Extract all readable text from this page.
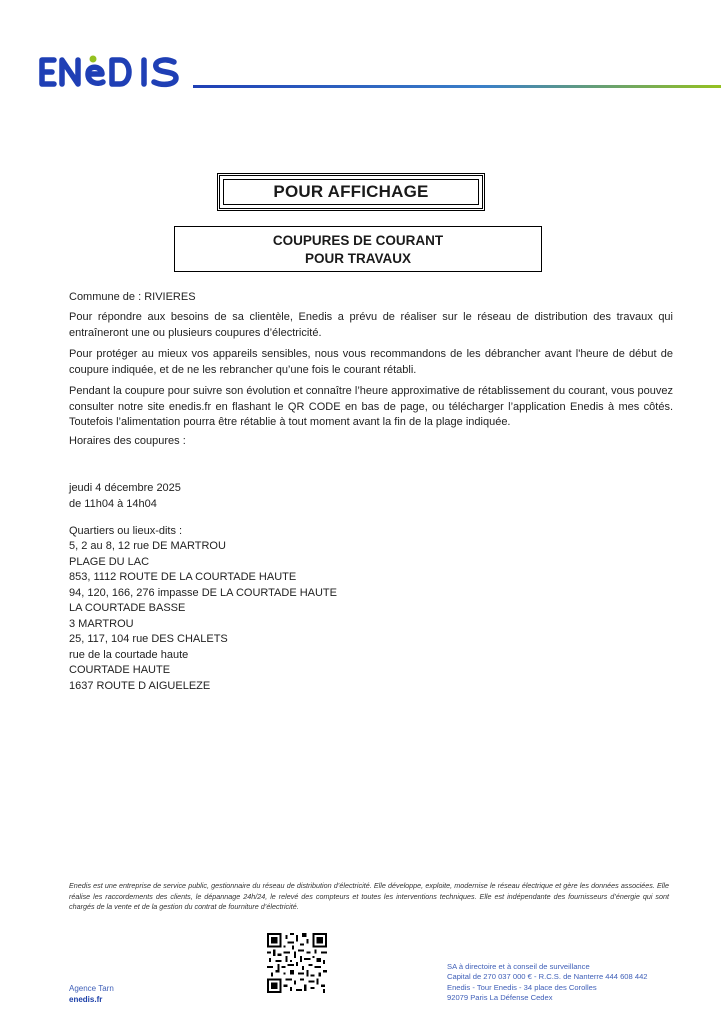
POUR AFFICHAGE
COUPURES DE COURANT
POUR TRAVAUX
Commune de : RIVIERES

Pour répondre aux besoins de sa clientèle, Enedis a prévu de réaliser sur le réseau de distribution des travaux qui entraîneront une ou plusieurs coupures d’électricité.

Pour protéger au mieux vos appareils sensibles, nous vous recommandons de les débrancher avant l'heure de début de coupure indiquée, et de ne les rebrancher qu’une fois le courant rétabli.

Pendant la coupure pour suivre son évolution et connaître l’heure approximative de rétablissement du courant, vous pouvez consulter notre site enedis.fr en flashant le QR CODE en bas de page, ou télécharger l’application Enedis à mes côtés. Toutefois l’alimentation pourra être rétablie à tout moment avant la fin de la plage indiquée.

Horaires des coupures :
jeudi 4 décembre 2025
de 11h04 à 14h04
Quartiers ou lieux-dits :
5, 2 au 8, 12 rue DE MARTROU
PLAGE DU LAC
853, 1112 ROUTE DE LA COURTADE HAUTE
94, 120, 166, 276 impasse DE LA COURTADE HAUTE
LA COURTADE BASSE
3 MARTROU
25, 117, 104 rue DES CHALETS
rue de la courtade haute
COURTADE HAUTE
1637 ROUTE D AIGUELEZE
Enedis est une entreprise de service public, gestionnaire du réseau de distribution d’électricité. Elle développe, exploite, modernise le réseau électrique et gère les données associées. Elle réalise les raccordements des clients, le dépannage 24h/24, le relevé des compteurs et toutes les interventions techniques. Elle est indépendante des fournisseurs d’énergie qui sont chargés de la vente et de la gestion du contrat de fourniture d’électricité.
Agence Tarn
enedis.fr
SA à directoire et à conseil de surveillance
Capital de 270 037 000 € - R.C.S. de Nanterre 444 608 442
Enedis - Tour Enedis - 34 place des Corolles
92079 Paris La Défense Cedex
